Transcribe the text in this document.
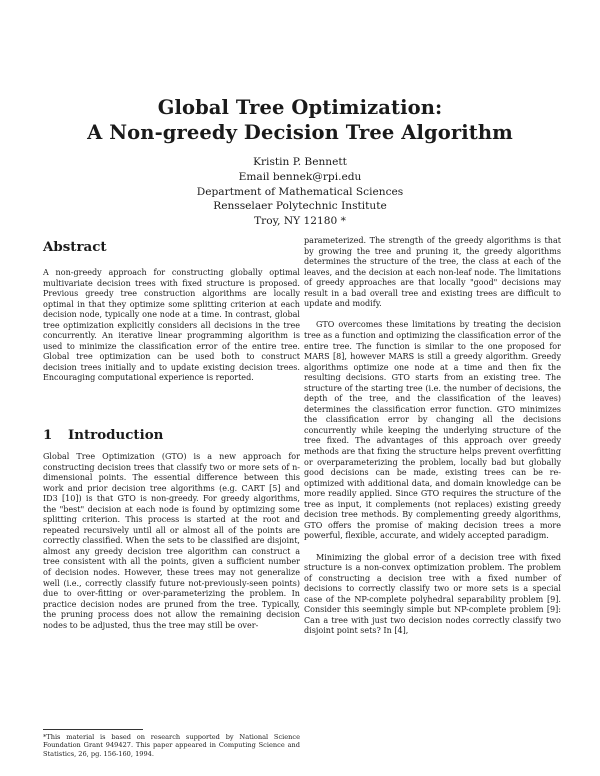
Global Tree Optimization:
A Non-greedy Decision Tree Algorithm
Kristin P. Bennett
Email bennek@rpi.edu
Department of Mathematical Sciences
Rensselaer Polytechnic Institute
Troy, NY 12180 *
Abstract

A non-greedy approach for constructing globally optimal multivariate decision trees with fixed structure is proposed. Previous greedy tree construction algorithms are locally optimal in that they optimize some splitting criterion at each decision node, typically one node at a time. In contrast, global tree optimization explicitly considers all decisions in the tree concurrently. An iterative linear programming algorithm is used to minimize the classification error of the entire tree. Global tree optimization can be used both to construct decision trees initially and to update existing decision trees. Encouraging computational experience is reported.

1 Introduction

Global Tree Optimization (GTO) is a new approach for constructing decision trees that classify two or more sets of n-dimensional points. The essential difference between this work and prior decision tree algorithms (e.g. CART [5] and ID3 [10]) is that GTO is non-greedy. For greedy algorithms, the "best" decision at each node is found by optimizing some splitting criterion. This process is started at the root and repeated recursively until all or almost all of the points are correctly classified. When the sets to be classified are disjoint, almost any greedy decision tree algorithm can construct a tree consistent with all the points, given a sufficient number of decision nodes. However, these trees may not generalize well (i.e., correctly classify future not-previously-seen points) due to over-fitting or over-parameterizing the problem. In practice decision nodes are pruned from the tree. Typically, the pruning process does not allow the remaining decision nodes to be adjusted, thus the tree may still be over-

*This material is based on research supported by National Science Foundation Grant 949427. This paper appeared in Computing Science and Statistics, 26, pg. 156-160, 1994.

parameterized. The strength of the greedy algorithms is that by growing the tree and pruning it, the greedy algorithms determines the structure of the tree, the class at each of the leaves, and the decision at each non-leaf node. The limitations of greedy approaches are that locally "good" decisions may result in a bad overall tree and existing trees are difficult to update and modify.

GTO overcomes these limitations by treating the decision tree as a function and optimizing the classification error of the entire tree. The function is similar to the one proposed for MARS [8], however MARS is still a greedy algorithm. Greedy algorithms optimize one node at a time and then fix the resulting decisions. GTO starts from an existing tree. The structure of the starting tree (i.e. the number of decisions, the depth of the tree, and the classification of the leaves) determines the classification error function. GTO minimizes the classification error by changing all the decisions concurrently while keeping the underlying structure of the tree fixed. The advantages of this approach over greedy methods are that fixing the structure helps prevent overfitting or overparameterizing the problem, locally bad but globally good decisions can be made, existing trees can be re-optimized with additional data, and domain knowledge can be more readily applied. Since GTO requires the structure of the tree as input, it complements (not replaces) existing greedy decision tree methods. By complementing greedy algorithms, GTO offers the promise of making decision trees a more powerful, flexible, accurate, and widely accepted paradigm.

Minimizing the global error of a decision tree with fixed structure is a non-convex optimization problem. The problem of constructing a decision tree with a fixed number of decisions to correctly classify two or more sets is a special case of the NP-complete polyhedral separability problem [9]. Consider this seemingly simple but NP-complete problem [9]: Can a tree with just two decision nodes correctly classify two disjoint point sets? In [4],
